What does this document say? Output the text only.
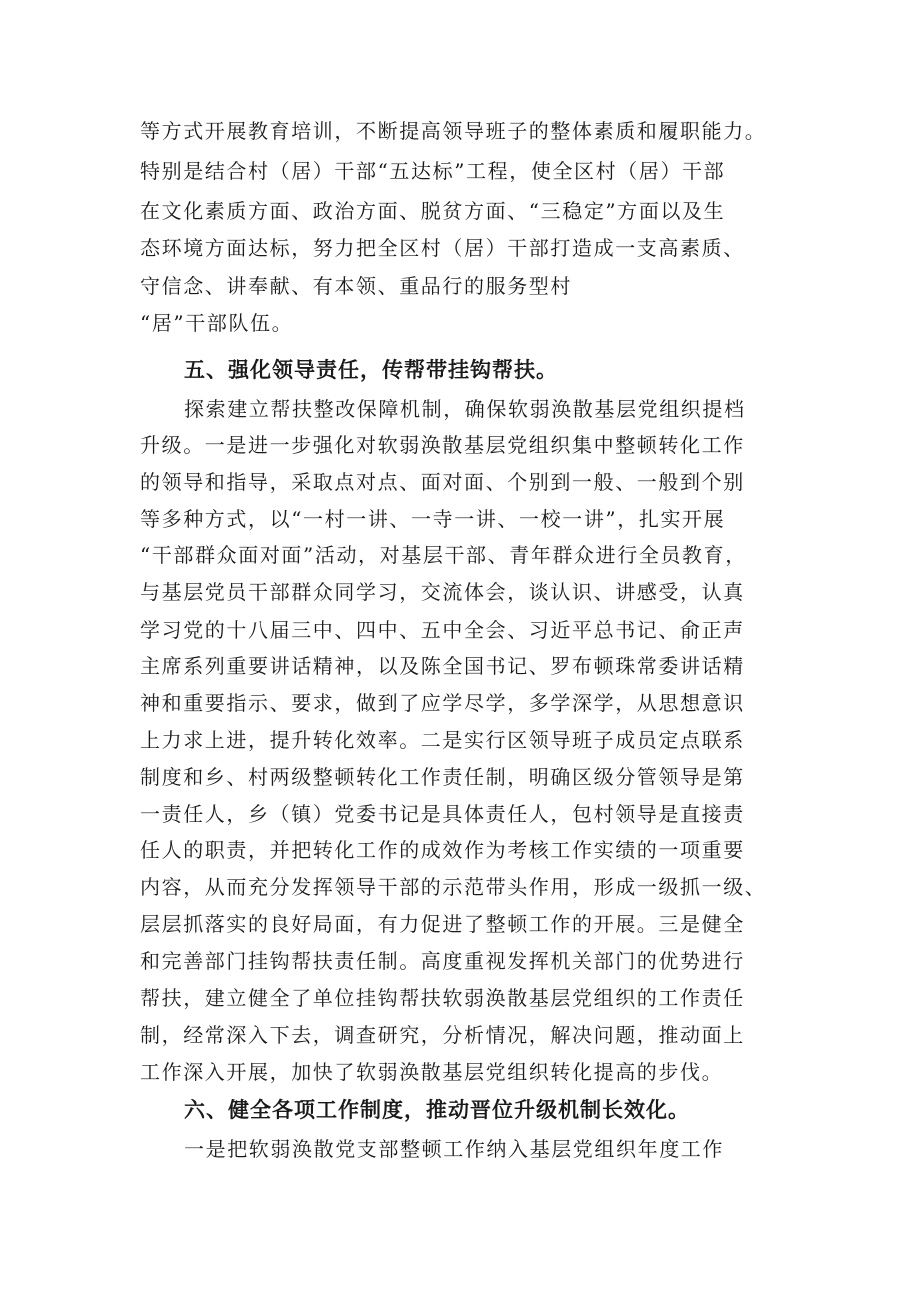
等方式开展教育培训，不断提高领导班子的整体素质和履职能力。

特别是结合村（居）干部“五达标”工程，使全区村（居）干部

在文化素质方面、政治方面、脱贫方面、“三稳定”方面以及生

态环境方面达标，努力把全区村（居）干部打造成一支高素质、

守信念、讲奉献、有本领、重品行的服务型村

“居”干部队伍。

五、强化领导责任，传帮带挂钩帮扶。

探索建立帮扶整改保障机制，确保软弱涣散基层党组织提档

升级。一是进一步强化对软弱涣散基层党组织集中整顿转化工作

的领导和指导，采取点对点、面对面、个别到一般、一般到个别

等多种方式，以“一村一讲、一寺一讲、一校一讲”，扎实开展

“干部群众面对面”活动，对基层干部、青年群众进行全员教育，

与基层党员干部群众同学习，交流体会，谈认识、讲感受，认真

学习党的十八届三中、四中、五中全会、习近平总书记、俞正声

主席系列重要讲话精神，以及陈全国书记、罗布顿珠常委讲话精

神和重要指示、要求，做到了应学尽学，多学深学，从思想意识

上力求上进，提升转化效率。二是实行区领导班子成员定点联系

制度和乡、村两级整顿转化工作责任制，明确区级分管领导是第

一责任人，乡（镇）党委书记是具体责任人，包村领导是直接责

任人的职责，并把转化工作的成效作为考核工作实绩的一项重要

内容，从而充分发挥领导干部的示范带头作用，形成一级抓一级、

层层抓落实的良好局面，有力促进了整顿工作的开展。三是健全

和完善部门挂钩帮扶责任制。高度重视发挥机关部门的优势进行

帮扶，建立健全了单位挂钩帮扶软弱涣散基层党组织的工作责任

制，经常深入下去，调查研究，分析情况，解决问题，推动面上

工作深入开展，加快了软弱涣散基层党组织转化提高的步伐。

六、健全各项工作制度，推动晋位升级机制长效化。

一是把软弱涣散党支部整顿工作纳入基层党组织年度工作
